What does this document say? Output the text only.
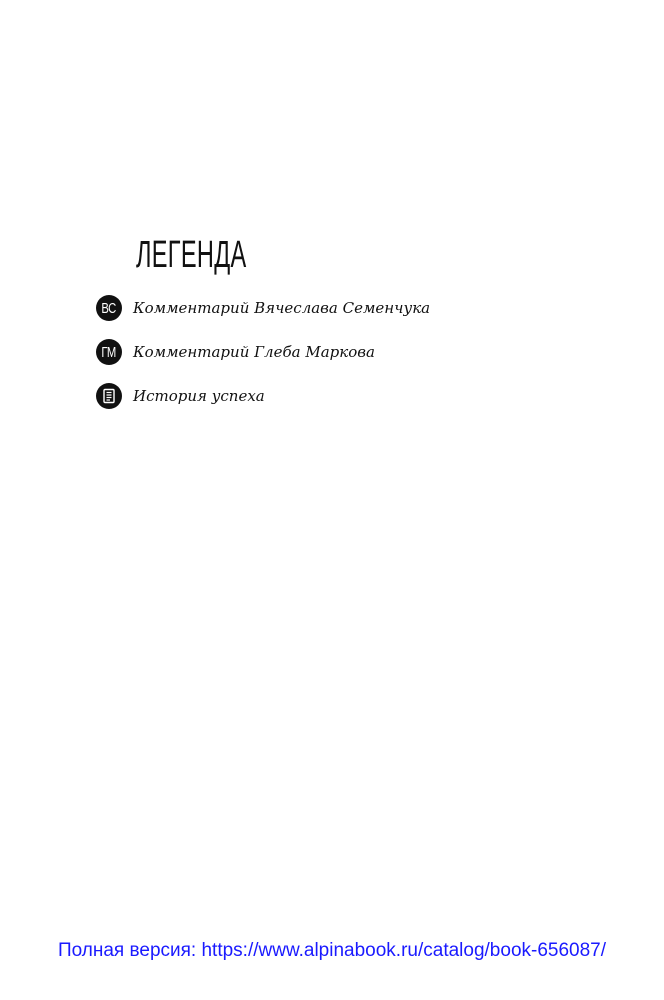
ЛЕГЕНДА
ВС Комментарий Вячеслава Семенчука
ГМ Комментарий Глеба Маркова
История успеха
Полная версия: https://www.alpinabook.ru/catalog/book-656087/
